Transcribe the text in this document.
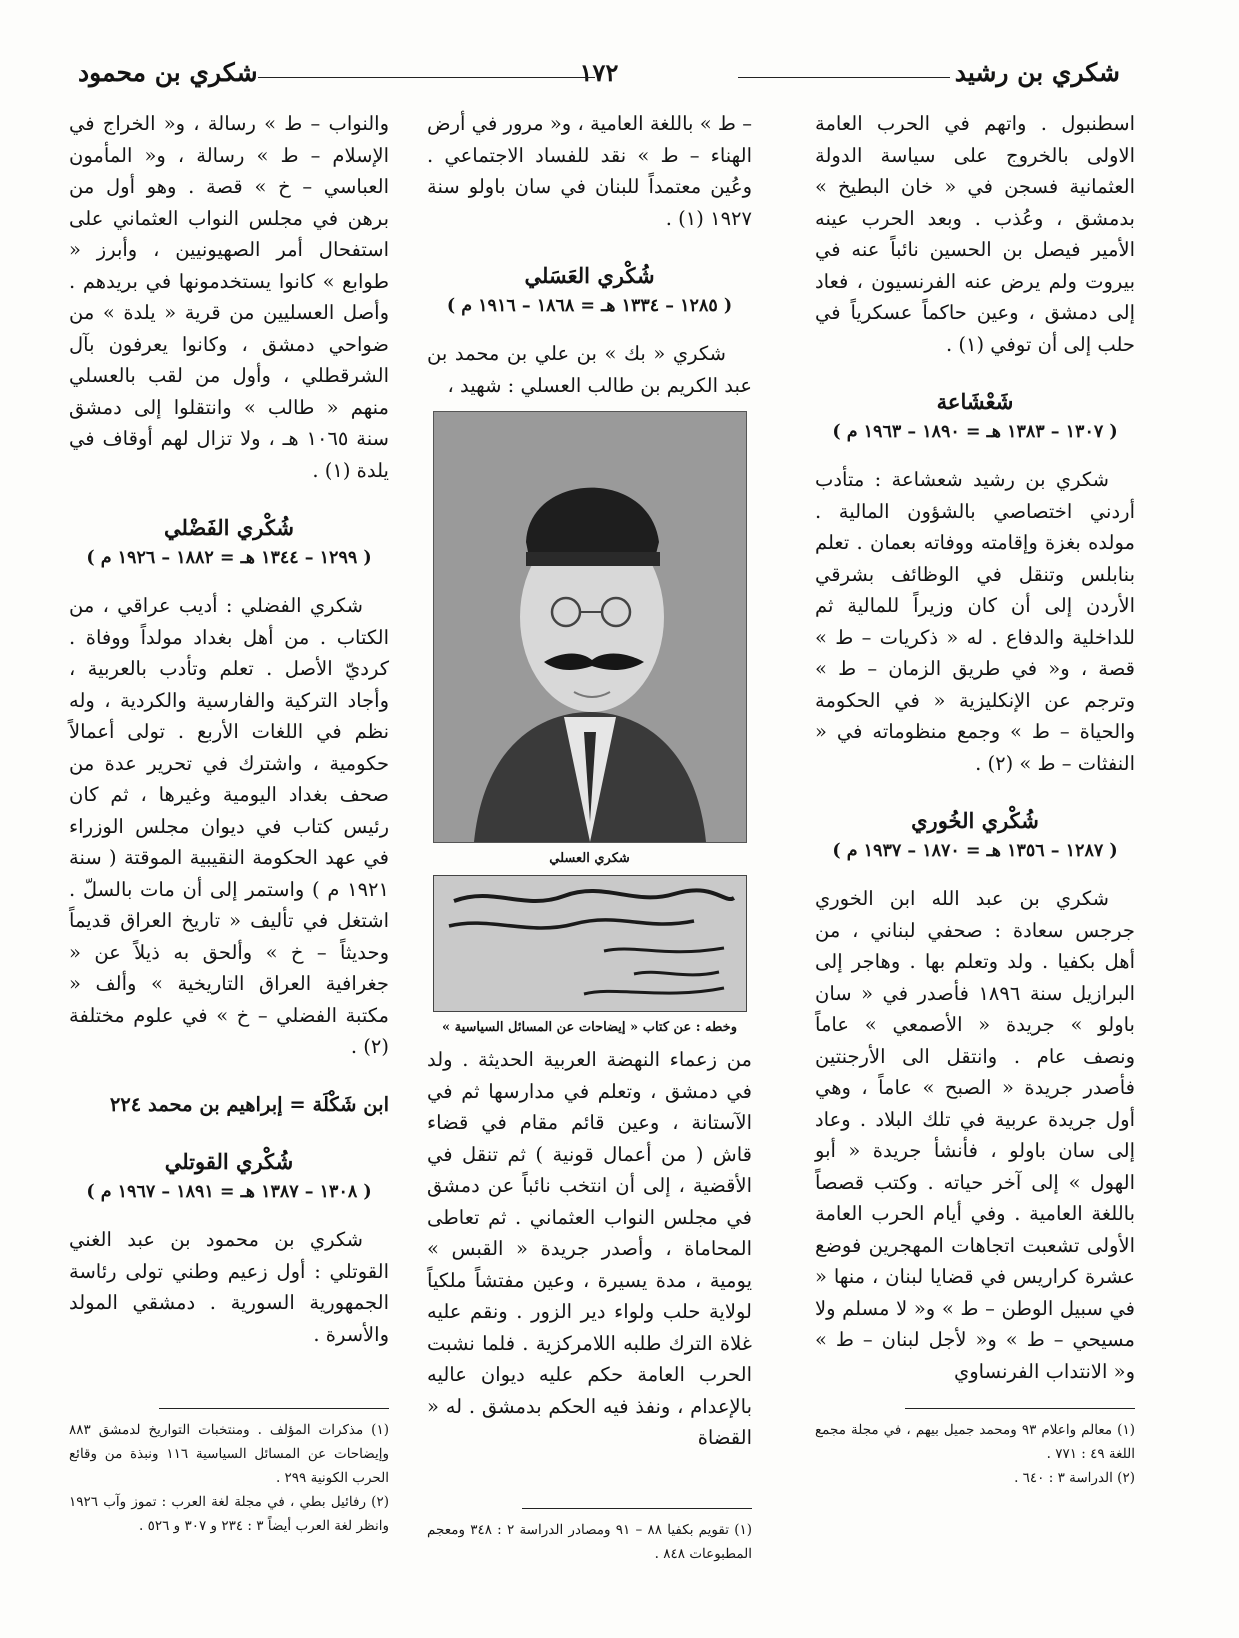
شكري بن رشيد
١٧٢
شكري بن محمود

اسطنبول . واتهم في الحرب العامة الاولى بالخروج على سياسة الدولة العثمانية فسجن في « خان البطيخ » بدمشق ، وعُذب . وبعد الحرب عينه الأمير فيصل بن الحسين نائباً عنه في بيروت ولم يرض عنه الفرنسيون ، فعاد إلى دمشق ، وعين حاكماً عسكرياً في حلب إلى أن توفي (١) .

شَعْشَاعة
( ١٣٠٧ – ١٣٨٣ هـ = ١٨٩٠ – ١٩٦٣ م )

شكري بن رشيد شعشاعة : متأدب أردني اختصاصي بالشؤون المالية . مولده بغزة وإقامته ووفاته بعمان . تعلم بنابلس وتنقل في الوظائف بشرقي الأردن إلى أن كان وزيراً للمالية ثم للداخلية والدفاع . له « ذكريات – ط » قصة ، و« في طريق الزمان – ط » وترجم عن الإنكليزية « في الحكومة والحياة – ط » وجمع منظوماته في « النفثات – ط » (٢) .

شُكْري الخُوري
( ١٢٨٧ – ١٣٥٦ هـ = ١٨٧٠ – ١٩٣٧ م )

شكري بن عبد الله ابن الخوري جرجس سعادة : صحفي لبناني ، من أهل بكفيا . ولد وتعلم بها . وهاجر إلى البرازيل سنة ١٨٩٦ فأصدر في « سان باولو » جريدة « الأصمعي » عاماً ونصف عام . وانتقل الى الأرجنتين فأصدر جريدة « الصبح » عاماً ، وهي أول جريدة عربية في تلك البلاد . وعاد إلى سان باولو ، فأنشأ جريدة « أبو الهول » إلى آخر حياته . وكتب قصصاً باللغة العامية . وفي أيام الحرب العامة الأولى تشعبت اتجاهات المهجرين فوضع عشرة كراريس في قضايا لبنان ، منها « في سبيل الوطن – ط » و« لا مسلم ولا مسيحي – ط » و« لأجل لبنان – ط » و« الانتداب الفرنساوي

– ط » باللغة العامية ، و« مرور في أرض الهناء – ط » نقد للفساد الاجتماعي . وعُين معتمداً للبنان في سان باولو سنة ١٩٢٧ (١) .

شُكْري العَسَلي
( ١٢٨٥ – ١٣٣٤ هـ = ١٨٦٨ – ١٩١٦ م )

شكري « بك » بن علي بن محمد بن عبد الكريم بن طالب العسلي : شهيد ،

شكري العسلي
وخطه : عن كتاب « إيضاحات عن المسائل السياسية »

من زعماء النهضة العربية الحديثة . ولد في دمشق ، وتعلم في مدارسها ثم في الآستانة ، وعين قائم مقام في قضاء قاش ( من أعمال قونية ) ثم تنقل في الأقضية ، إلى أن انتخب نائباً عن دمشق في مجلس النواب العثماني . ثم تعاطى المحاماة ، وأصدر جريدة « القبس » يومية ، مدة يسيرة ، وعين مفتشاً ملكياً لولاية حلب ولواء دير الزور . ونقم عليه غلاة الترك طلبه اللامركزية . فلما نشبت الحرب العامة حكم عليه ديوان عاليه بالإعدام ، ونفذ فيه الحكم بدمشق . له « القضاة

والنواب – ط » رسالة ، و« الخراج في الإسلام – ط » رسالة ، و« المأمون العباسي – خ » قصة . وهو أول من برهن في مجلس النواب العثماني على استفحال أمر الصهيونيين ، وأبرز « طوابع » كانوا يستخدمونها في بريدهم . وأصل العسليين من قرية « يلدة » من ضواحي دمشق ، وكانوا يعرفون بآل الشرقطلي ، وأول من لقب بالعسلي منهم « طالب » وانتقلوا إلى دمشق سنة ١٠٦٥ هـ ، ولا تزال لهم أوقاف في يلدة (١) .

شُكْري الفَضْلي
( ١٢٩٩ – ١٣٤٤ هـ = ١٨٨٢ – ١٩٢٦ م )

شكري الفضلي : أديب عراقي ، من الكتاب . من أهل بغداد مولداً ووفاة . كرديّ الأصل . تعلم وتأدب بالعربية ، وأجاد التركية والفارسية والكردية ، وله نظم في اللغات الأربع . تولى أعمالاً حكومية ، واشترك في تحرير عدة من صحف بغداد اليومية وغيرها ، ثم كان رئيس كتاب في ديوان مجلس الوزراء في عهد الحكومة النقيبية الموقتة ( سنة ١٩٢١ م ) واستمر إلى أن مات بالسلّ . اشتغل في تأليف « تاريخ العراق قديماً وحديثاً – خ » وألحق به ذيلاً عن « جغرافية العراق التاريخية » وألف « مكتبة الفضلي – خ » في علوم مختلفة (٢) .

ابن شَكْلَة = إبراهيم بن محمد ٢٢٤

شُكْري القوتلي
( ١٣٠٨ – ١٣٨٧ هـ = ١٨٩١ – ١٩٦٧ م )

شكري بن محمود بن عبد الغني القوتلي : أول زعيم وطني تولى رئاسة الجمهورية السورية . دمشقي المولد والأسرة .

(١) معالم واعلام ٩٣ ومحمد جميل بيهم ، في مجلة مجمع اللغة ٤٩ : ٧٧١ .

(٢) الدراسة ٣ : ٦٤٠ .

(١) تقويم بكفيا ٨٨ – ٩١ ومصادر الدراسة ٢ : ٣٤٨ ومعجم المطبوعات ٨٤٨ .

(١) مذكرات المؤلف . ومنتخبات التواريخ لدمشق ٨٨٣ وإيضاحات عن المسائل السياسية ١١٦ ونبذة من وقائع الحرب الكونية ٢٩٩ .

(٢) رفائيل بطي ، في مجلة لغة العرب : تموز وآب ١٩٢٦ وانظر لغة العرب أيضاً ٣ : ٢٣٤ و ٣٠٧ و ٥٢٦ .
